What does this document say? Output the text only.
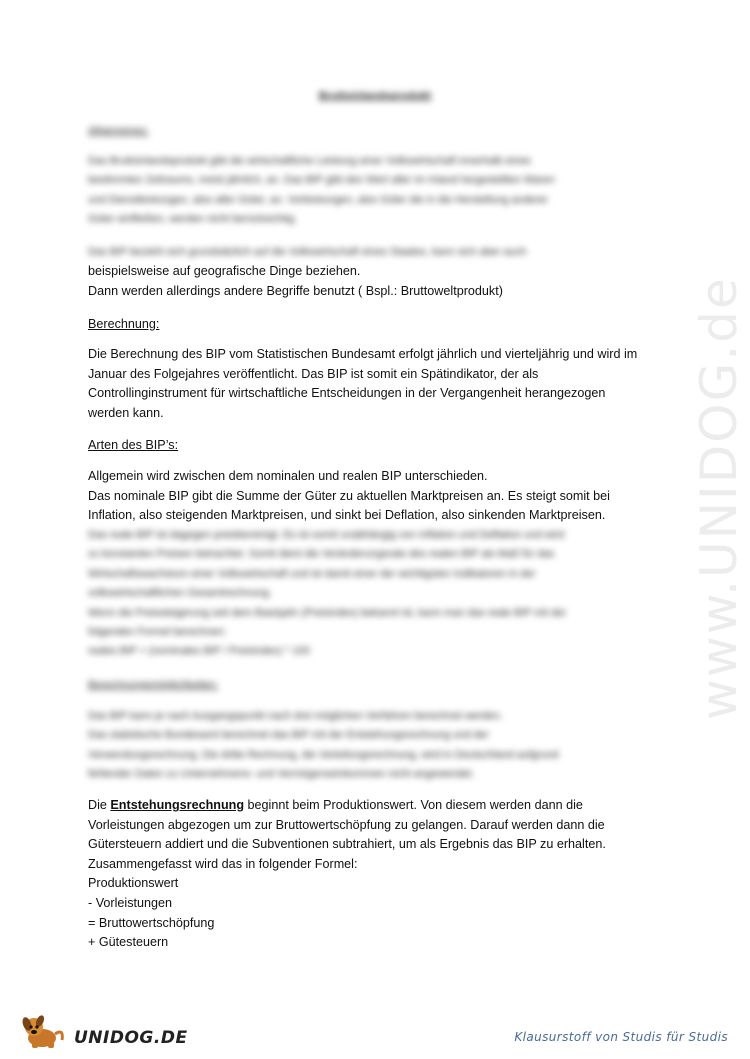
www.UNIDOG.de
Bruttoinlandsprodukt
Allgemeines:
Das Bruttoinlandsprodukt gibt die wirtschaftliche Leistung einer Volkswirtschaft innerhalb eines
bestimmten Zeitraums, meist jährlich, an. Das BIP gibt den Wert aller im Inland hergestellten Waren
und Dienstleistungen, also aller Güter, an. Vorleistungen, also Güter die in die Herstellung anderer
Güter einfließen, werden nicht berücksichtig.
Das BIP bezieht sich grundsätzlich auf die Volkswirtschaft eines Staates, kann sich aber auch
beispielsweise auf geografische Dinge beziehen.
Dann werden allerdings andere Begriffe benutzt ( Bspl.: Bruttoweltprodukt)
Berechnung:
Die Berechnung des BIP vom Statistischen Bundesamt erfolgt jährlich und vierteljährig und wird im
Januar des Folgejahres veröffentlicht. Das BIP ist somit ein Spätindikator, der als
Controllinginstrument für wirtschaftliche Entscheidungen in der Vergangenheit herangezogen
werden kann.
Arten des BIP’s:
Allgemein wird zwischen dem nominalen und realen BIP unterschieden.
Das nominale BIP gibt die Summe der Güter zu aktuellen Marktpreisen an. Es steigt somit bei
Inflation, also steigenden Marktpreisen, und sinkt bei Deflation, also sinkenden Marktpreisen.
Das reale BIP ist dagegen preisbereinigt. Es ist somit unabhängig von Inflation und Deflation und wird
zu konstanten Preisen betrachtet. Somit dient die Veränderungsrate des realen BIP als Maß für das
Wirtschaftswachstum einer Volkswirtschaft und ist damit einer der wichtigsten Indikatoren in der
volkswirtschaftlichen Gesamtrechnung.
Wenn die Preissteigerung seit dem Basisjahr (Preisindex) bekannt ist, kann man das reale BIP mit der
folgenden Formel berechnen:
reales BIP = (nominales BIP / Preisindex) * 100
Berechnungsmöglichkeiten:
Das BIP kann je nach Ausgangspunkt nach drei möglichen Verfahren berechnet werden.
Das statistische Bundesamt berechnet das BIP mit der Entstehungsrechnung und der
Verwendungsrechnung. Die dritte Rechnung, die Verteilungsrechnung, wird in Deutschland aufgrund
fehlender Daten zu Unternehmens- und Vermögenseinkommen nicht angewendet.
Die Entstehungsrechnung beginnt beim Produktionswert. Von diesem werden dann die
Vorleistungen abgezogen um zur Bruttowertschöpfung zu gelangen. Darauf werden dann die
Gütersteuern addiert und die Subventionen subtrahiert, um als Ergebnis das BIP zu erhalten.
Zusammengefasst wird das in folgender Formel:
Produktionswert
- Vorleistungen
= Bruttowertschöpfung
+ Gütesteuern
UNIDOG.DE	Klausurstoff von Studis für Studis
